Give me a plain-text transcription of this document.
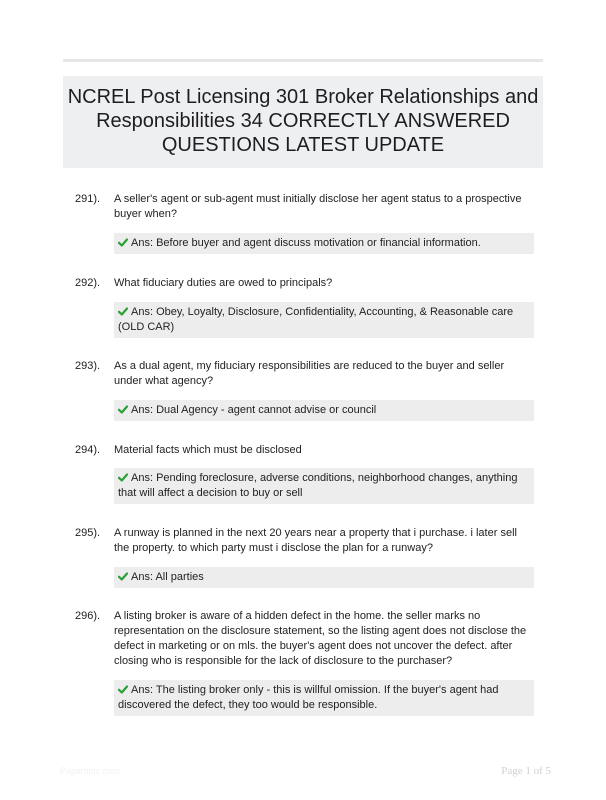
NCREL Post Licensing 301 Broker Relationships and Responsibilities 34 CORRECTLY ANSWERED QUESTIONS LATEST UPDATE
291). A seller's agent or sub-agent must initially disclose her agent status to a prospective buyer when?
Ans: Before buyer and agent discuss motivation or financial information.
292). What fiduciary duties are owed to principals?
Ans: Obey, Loyalty, Disclosure, Confidentiality, Accounting, & Reasonable care (OLD CAR)
293). As a dual agent, my fiduciary responsibilities are reduced to the buyer and seller under what agency?
Ans: Dual Agency - agent cannot advise or council
294). Material facts which must be disclosed
Ans: Pending foreclosure, adverse conditions, neighborhood changes, anything that will affect a decision to buy or sell
295). A runway is planned in the next 20 years near a property that i purchase. i later sell the property. to which party must i disclose the plan for a runway?
Ans: All parties
296). A listing broker is aware of a hidden defect in the home. the seller marks no representation on the disclosure statement, so the listing agent does not disclose the defect in marketing or on mls. the buyer's agent does not uncover the defect. after closing who is responsible for the lack of disclosure to the purchaser?
Ans: The listing broker only - this is willful omission. If the buyer's agent had discovered the defect, they too would be responsible.
Papertibic.com	Page 1 of 5
